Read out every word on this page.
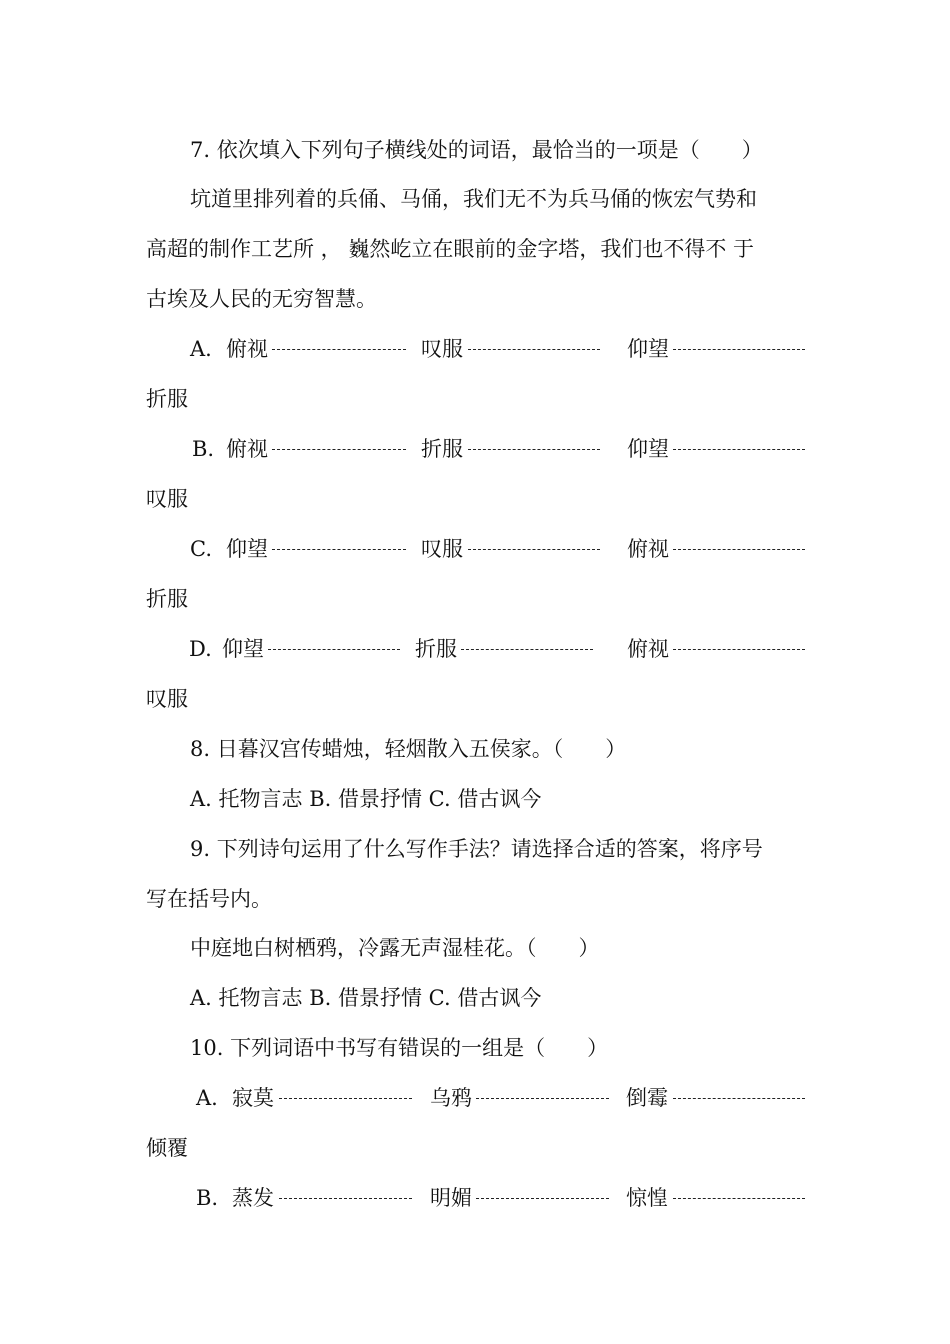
7. 依次填入下列句子横线处的词语，最恰当的一项是（　　）
坑道里排列着的兵俑、马俑，我们无不为兵马俑的恢宏气势和
高超的制作工艺所 ， 巍然屹立在眼前的金字塔，我们也不得不 于
古埃及人民的无穷智慧。
A. 俯视	叹服	仰望
折服
B. 俯视	折服	仰望
叹服
C. 仰望	叹服	俯视
折服
D. 仰望	折服	俯视
叹服
8. 日暮汉宫传蜡烛，轻烟散入五侯家。（　　）
A. 托物言志 B. 借景抒情 C. 借古讽今
9. 下列诗句运用了什么写作手法？请选择合适的答案，将序号
写在括号内。
中庭地白树栖鸦，冷露无声湿桂花。（　　）
A. 托物言志 B. 借景抒情 C. 借古讽今
10. 下列词语中书写有错误的一组是（　　）
A. 寂莫	乌鸦	倒霉
倾覆
B. 蒸发	明媚	惊惶
